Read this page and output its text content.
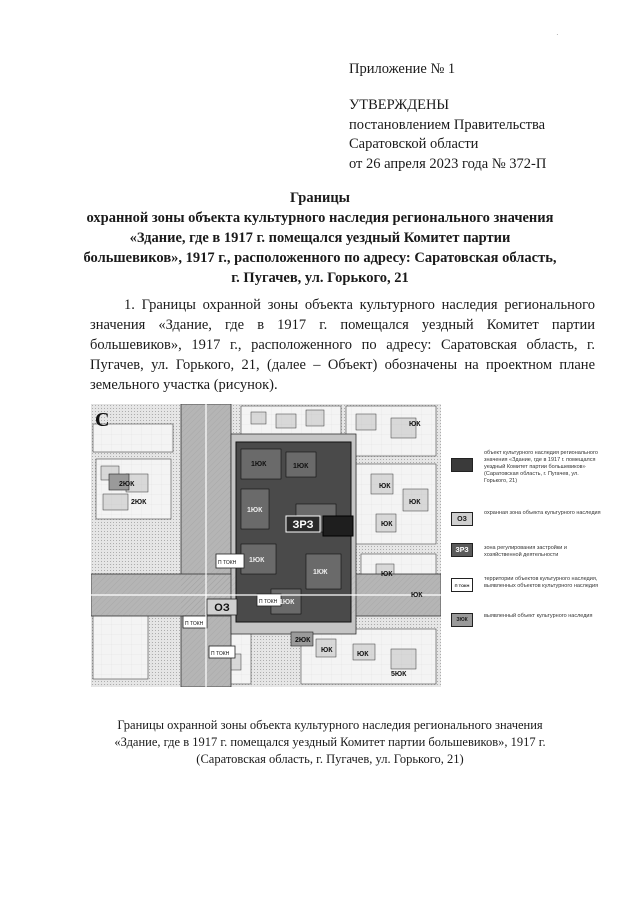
·
Приложение № 1
УТВЕРЖДЕНЫ
постановлением Правительства
Саратовской области
от 26 апреля 2023 года № 372-П
Границы
охранной зоны объекта культурного наследия регионального значения
«Здание, где в 1917 г. помещался уездный Комитет партии
большевиков», 1917 г., расположенного по адресу: Саратовская область,
г. Пугачев, ул. Горького, 21
1. Границы охранной зоны объекта культурного наследия регионального значения «Здание, где в 1917 г. помещался уездный Комитет партии большевиков», 1917 г., расположенного по адресу: Саратовская область, г. Пугачев, ул. Горького, 21, (далее – Объект) обозначены на проектном плане земельного участка (рисунок).
С
ЗРЗ
ОЗ
1ЮК	1ЮК
1ЮК
1ЮК
1ЮК
2ЮК
2ЮК
2ЮК
1КЖ
ЮК
ЮК
ЮК
ЮК
ЮК
ЮК
ЮК
ЮК
5ЮК
П ТОКН
П ТОКН
П ТОКН
П ТОКН
объект культурного наследия регионального значения «Здание, где в 1917 г. помещался уездный Комитет партии большевиков» (Саратовская область, г. Пугачев, ул. Горького, 21)
ОЗ
охранная зона объекта культурного наследия
ЗРЗ	зона регулирования застройки и хозяйственной деятельности
П ТОКН
территории объектов культурного наследия, выявленных объектов культурного наследия
ЗЮК
выявленный объект культурного наследия
Границы охранной зоны объекта культурного наследия регионального значения
«Здание, где в 1917 г. помещался уездный Комитет партии большевиков», 1917 г.
(Саратовская область, г. Пугачев, ул. Горького, 21)
